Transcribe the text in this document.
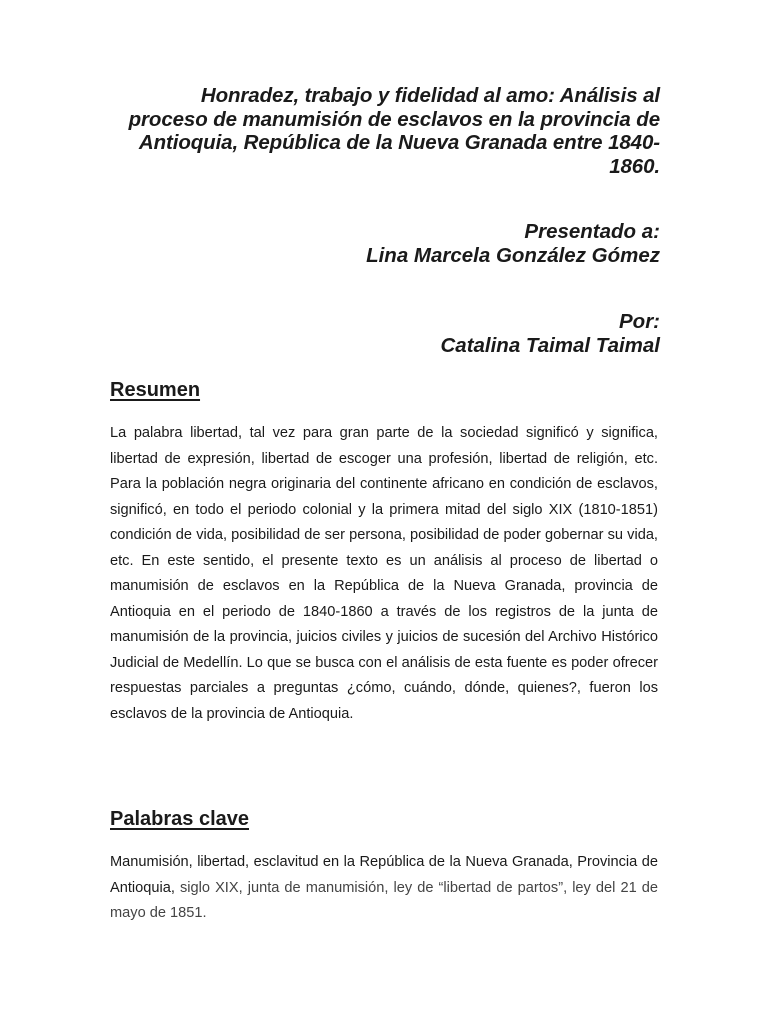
Honradez, trabajo y fidelidad al amo: Análisis al
proceso de manumisión de esclavos en la provincia de
Antioquia, República de la Nueva Granada entre 1840-
1860.
Presentado a:
Lina Marcela González Gómez
Por:
Catalina Taimal Taimal
Resumen

La palabra libertad, tal vez para gran parte de la sociedad significó y significa, libertad de expresión, libertad de escoger una profesión, libertad de religión, etc. Para la población negra originaria del continente africano en condición de esclavos, significó, en todo el periodo colonial y la primera mitad del siglo XIX (1810-1851) condición de vida, posibilidad de ser persona, posibilidad de poder gobernar su vida, etc. En este sentido, el presente texto es un análisis al proceso de libertad o manumisión de esclavos en la República de la Nueva Granada, provincia de Antioquia en el periodo de 1840-1860 a través de los registros de la junta de manumisión de la provincia, juicios civiles y juicios de sucesión del Archivo Histórico Judicial de Medellín. Lo que se busca con el análisis de esta fuente es poder ofrecer respuestas parciales a preguntas ¿cómo, cuándo, dónde, quienes?, fueron los esclavos de la provincia de Antioquia.

Palabras clave

Manumisión, libertad, esclavitud en la República de la Nueva Granada, Provincia de Antioquia, siglo XIX, junta de manumisión, ley de “libertad de partos”, ley del 21 de mayo de 1851.
